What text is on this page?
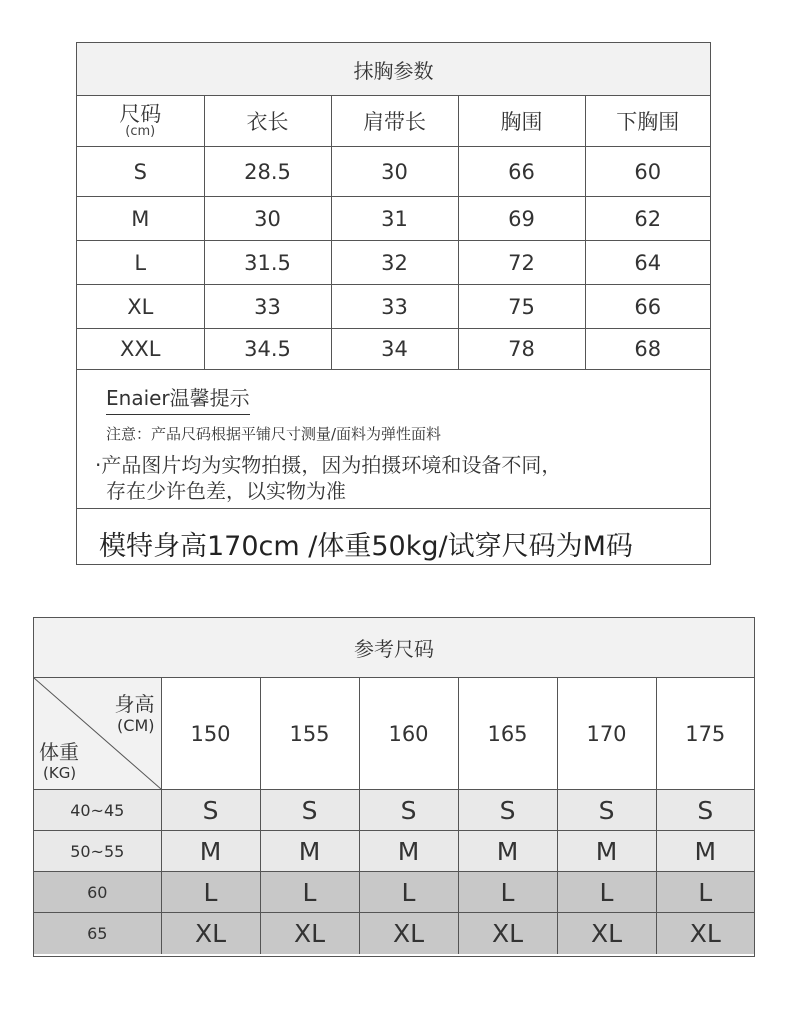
抹胸参数
尺码
(cm)	衣长	肩带长	胸围	下胸围
S	28.5	30	66	60
M	30	31	69	62
L	31.5	32	72	64
XL	33	33	75	66
XXL	34.5	34	78	68
Enaier温馨提示
注意：产品尺码根据平铺尺寸测量/面料为弹性面料
·产品图片均为实物拍摄，因为拍摄环境和设备不同，
存在少许色差，以实物为准
模特身高170cm /体重50kg/试穿尺码为M码
参考尺码
身高
(CM)
体重
(KG)	150	155	160	165	170	175
40~45	S	S	S	S	S	S
50~55	M	M	M	M	M	M
60	L	L	L	L	L	L
65	XL	XL	XL	XL	XL	XL
